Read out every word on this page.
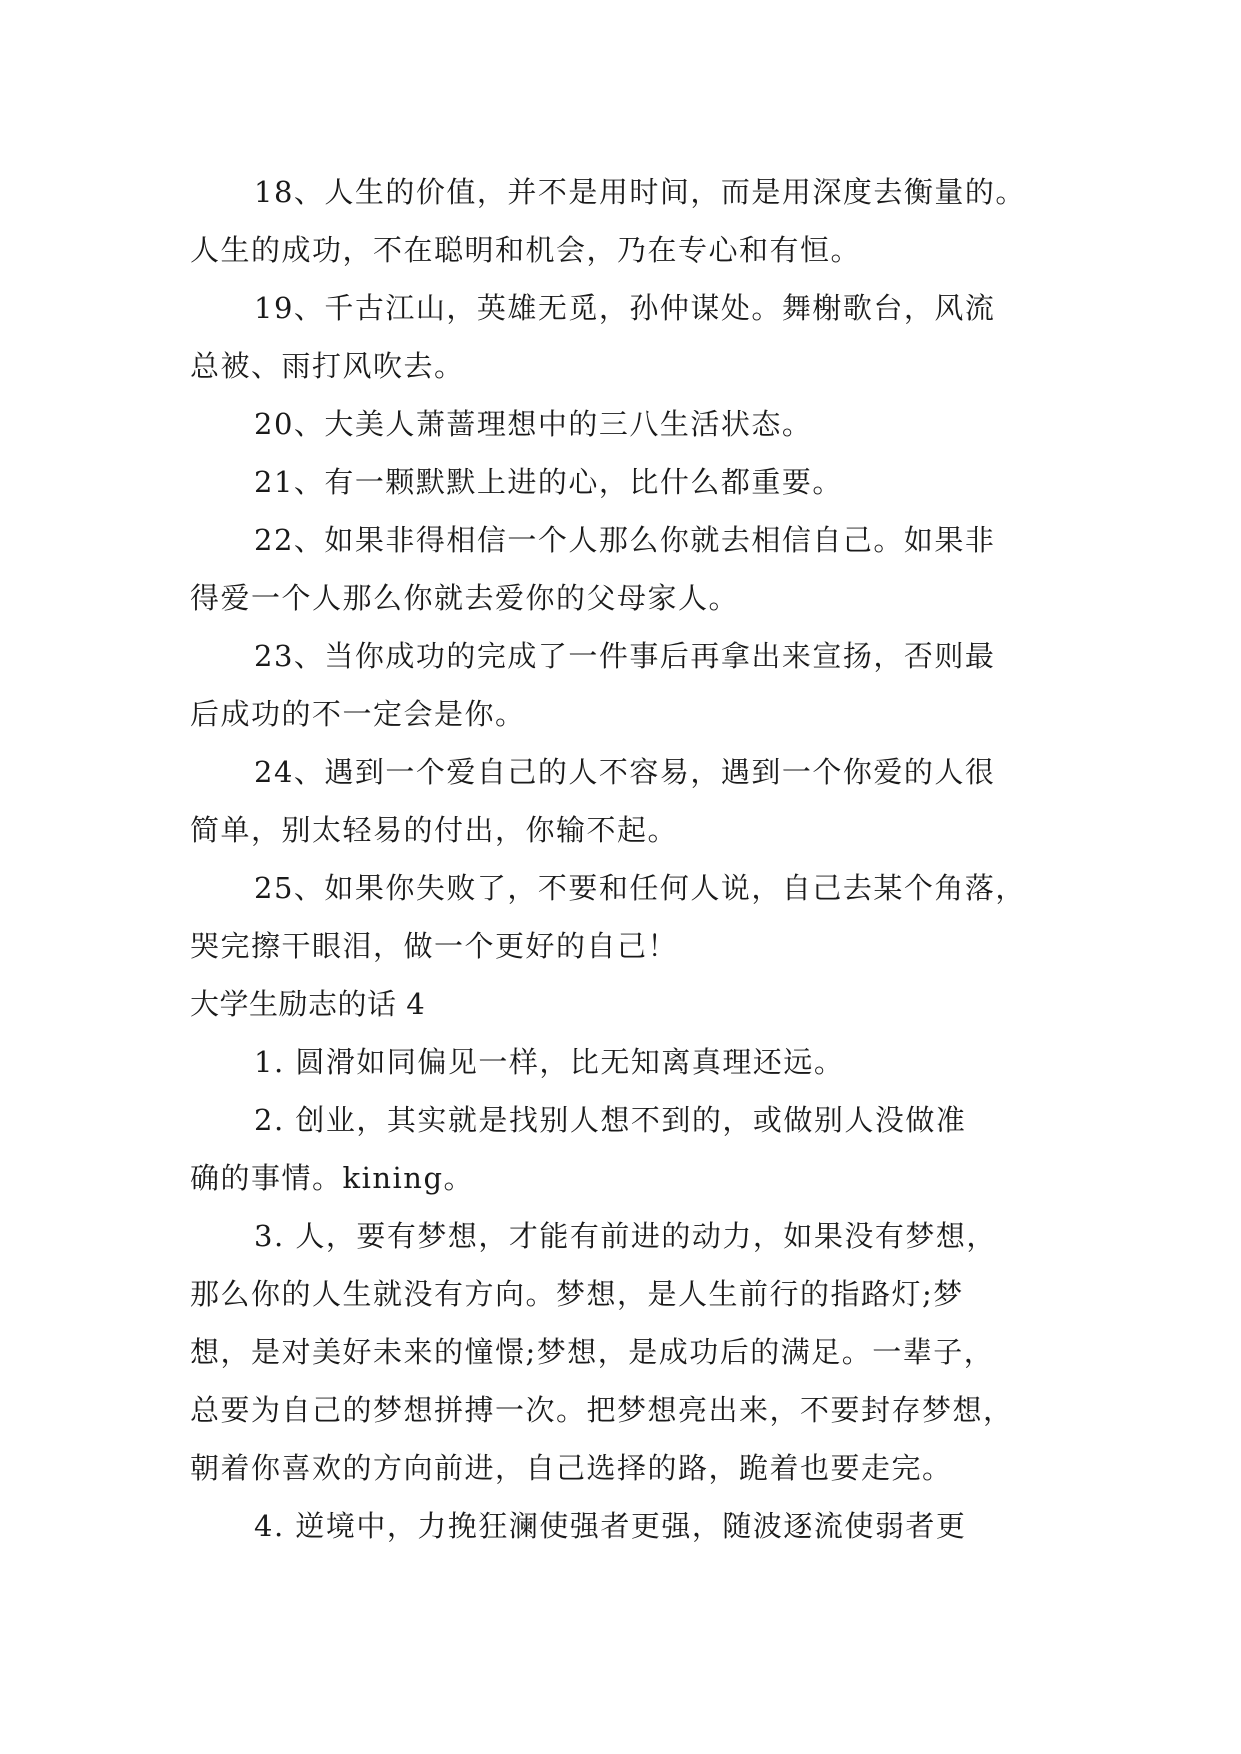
18、人生的价值，并不是用时间，而是用深度去衡量的。
人生的成功，不在聪明和机会，乃在专心和有恒。
19、千古江山，英雄无觅，孙仲谋处。舞榭歌台，风流
总被、雨打风吹去。
20、大美人萧蔷理想中的三八生活状态。
21、有一颗默默上进的心，比什么都重要。
22、如果非得相信一个人那么你就去相信自己。如果非
得爱一个人那么你就去爱你的父母家人。
23、当你成功的完成了一件事后再拿出来宣扬，否则最
后成功的不一定会是你。
24、遇到一个爱自己的人不容易，遇到一个你爱的人很
简单，别太轻易的付出，你输不起。
25、如果你失败了，不要和任何人说，自己去某个角落，
哭完擦干眼泪，做一个更好的自己！
大学生励志的话 4
1. 圆滑如同偏见一样，比无知离真理还远。
2. 创业，其实就是找别人想不到的，或做别人没做准
确的事情。kining。
3. 人，要有梦想，才能有前进的动力，如果没有梦想，
那么你的人生就没有方向。梦想，是人生前行的指路灯;梦
想，是对美好未来的憧憬;梦想，是成功后的满足。一辈子，
总要为自己的梦想拼搏一次。把梦想亮出来，不要封存梦想，
朝着你喜欢的方向前进，自己选择的路，跪着也要走完。
4. 逆境中，力挽狂澜使强者更强，随波逐流使弱者更
